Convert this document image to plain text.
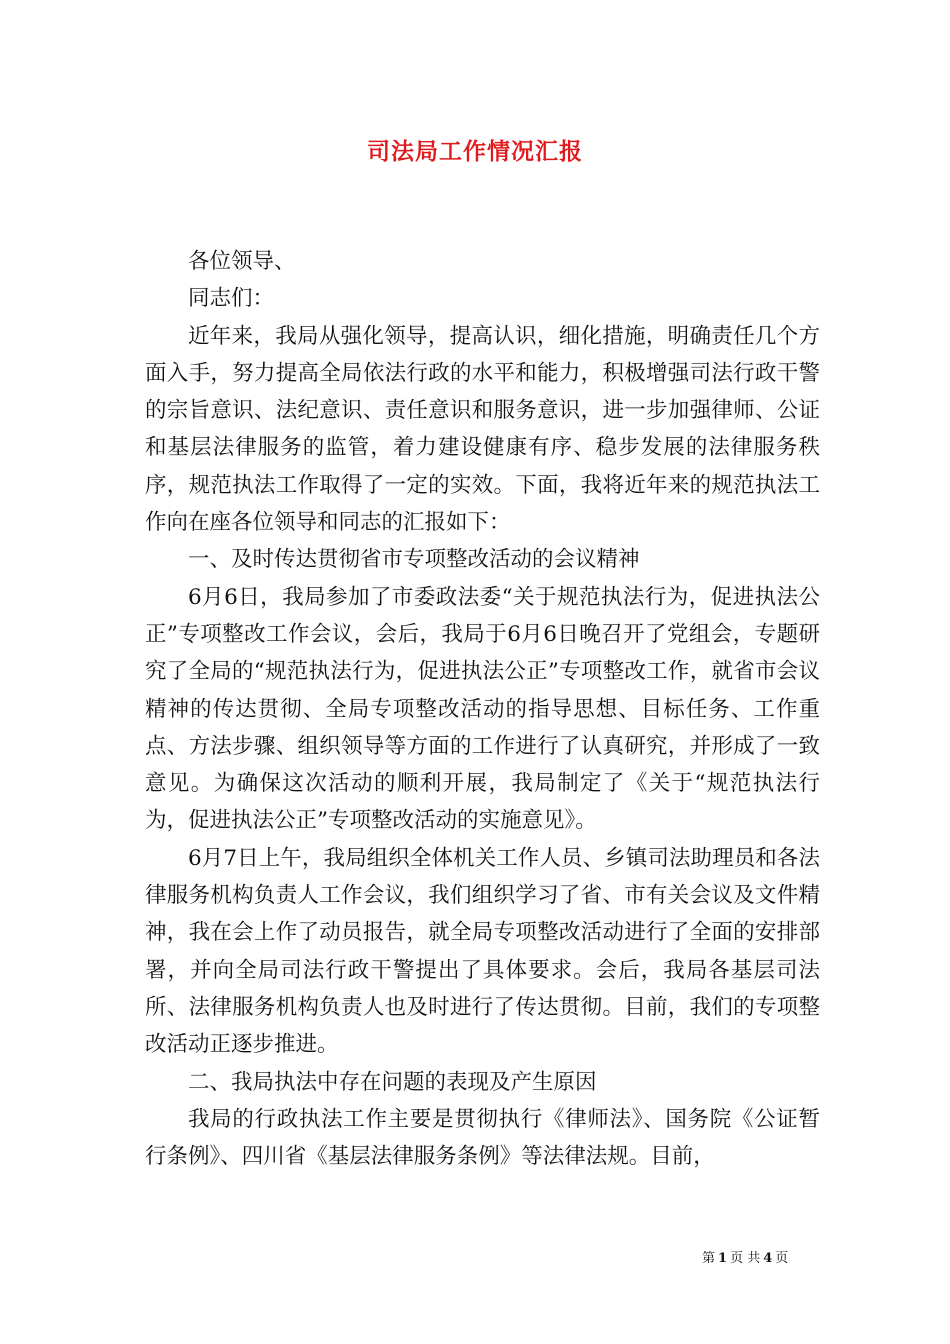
司法局工作情况汇报

各位领导、

同志们：

近年来，我局从强化领导，提高认识，细化措施，明确责任几个方面入手，努力提高全局依法行政的水平和能力，积极增强司法行政干警的宗旨意识、法纪意识、责任意识和服务意识，进一步加强律师、公证和基层法律服务的监管，着力建设健康有序、稳步发展的法律服务秩序，规范执法工作取得了一定的实效。下面，我将近年来的规范执法工作向在座各位领导和同志的汇报如下：

一、及时传达贯彻省市专项整改活动的会议精神

6月6日，我局参加了市委政法委“关于规范执法行为，促进执法公正”专项整改工作会议，会后，我局于6月6日晚召开了党组会，专题研究了全局的“规范执法行为，促进执法公正”专项整改工作，就省市会议精神的传达贯彻、全局专项整改活动的指导思想、目标任务、工作重点、方法步骤、组织领导等方面的工作进行了认真研究，并形成了一致意见。为确保这次活动的顺利开展，我局制定了《关于“规范执法行为，促进执法公正”专项整改活动的实施意见》。

6月7日上午，我局组织全体机关工作人员、乡镇司法助理员和各法律服务机构负责人工作会议，我们组织学习了省、市有关会议及文件精神，我在会上作了动员报告，就全局专项整改活动进行了全面的安排部署，并向全局司法行政干警提出了具体要求。会后，我局各基层司法所、法律服务机构负责人也及时进行了传达贯彻。目前，我们的专项整改活动正逐步推进。

二、我局执法中存在问题的表现及产生原因

我局的行政执法工作主要是贯彻执行《律师法》、国务院《公证暂行条例》、四川省《基层法律服务条例》等法律法规。目前，

第 1 页 共 4 页
